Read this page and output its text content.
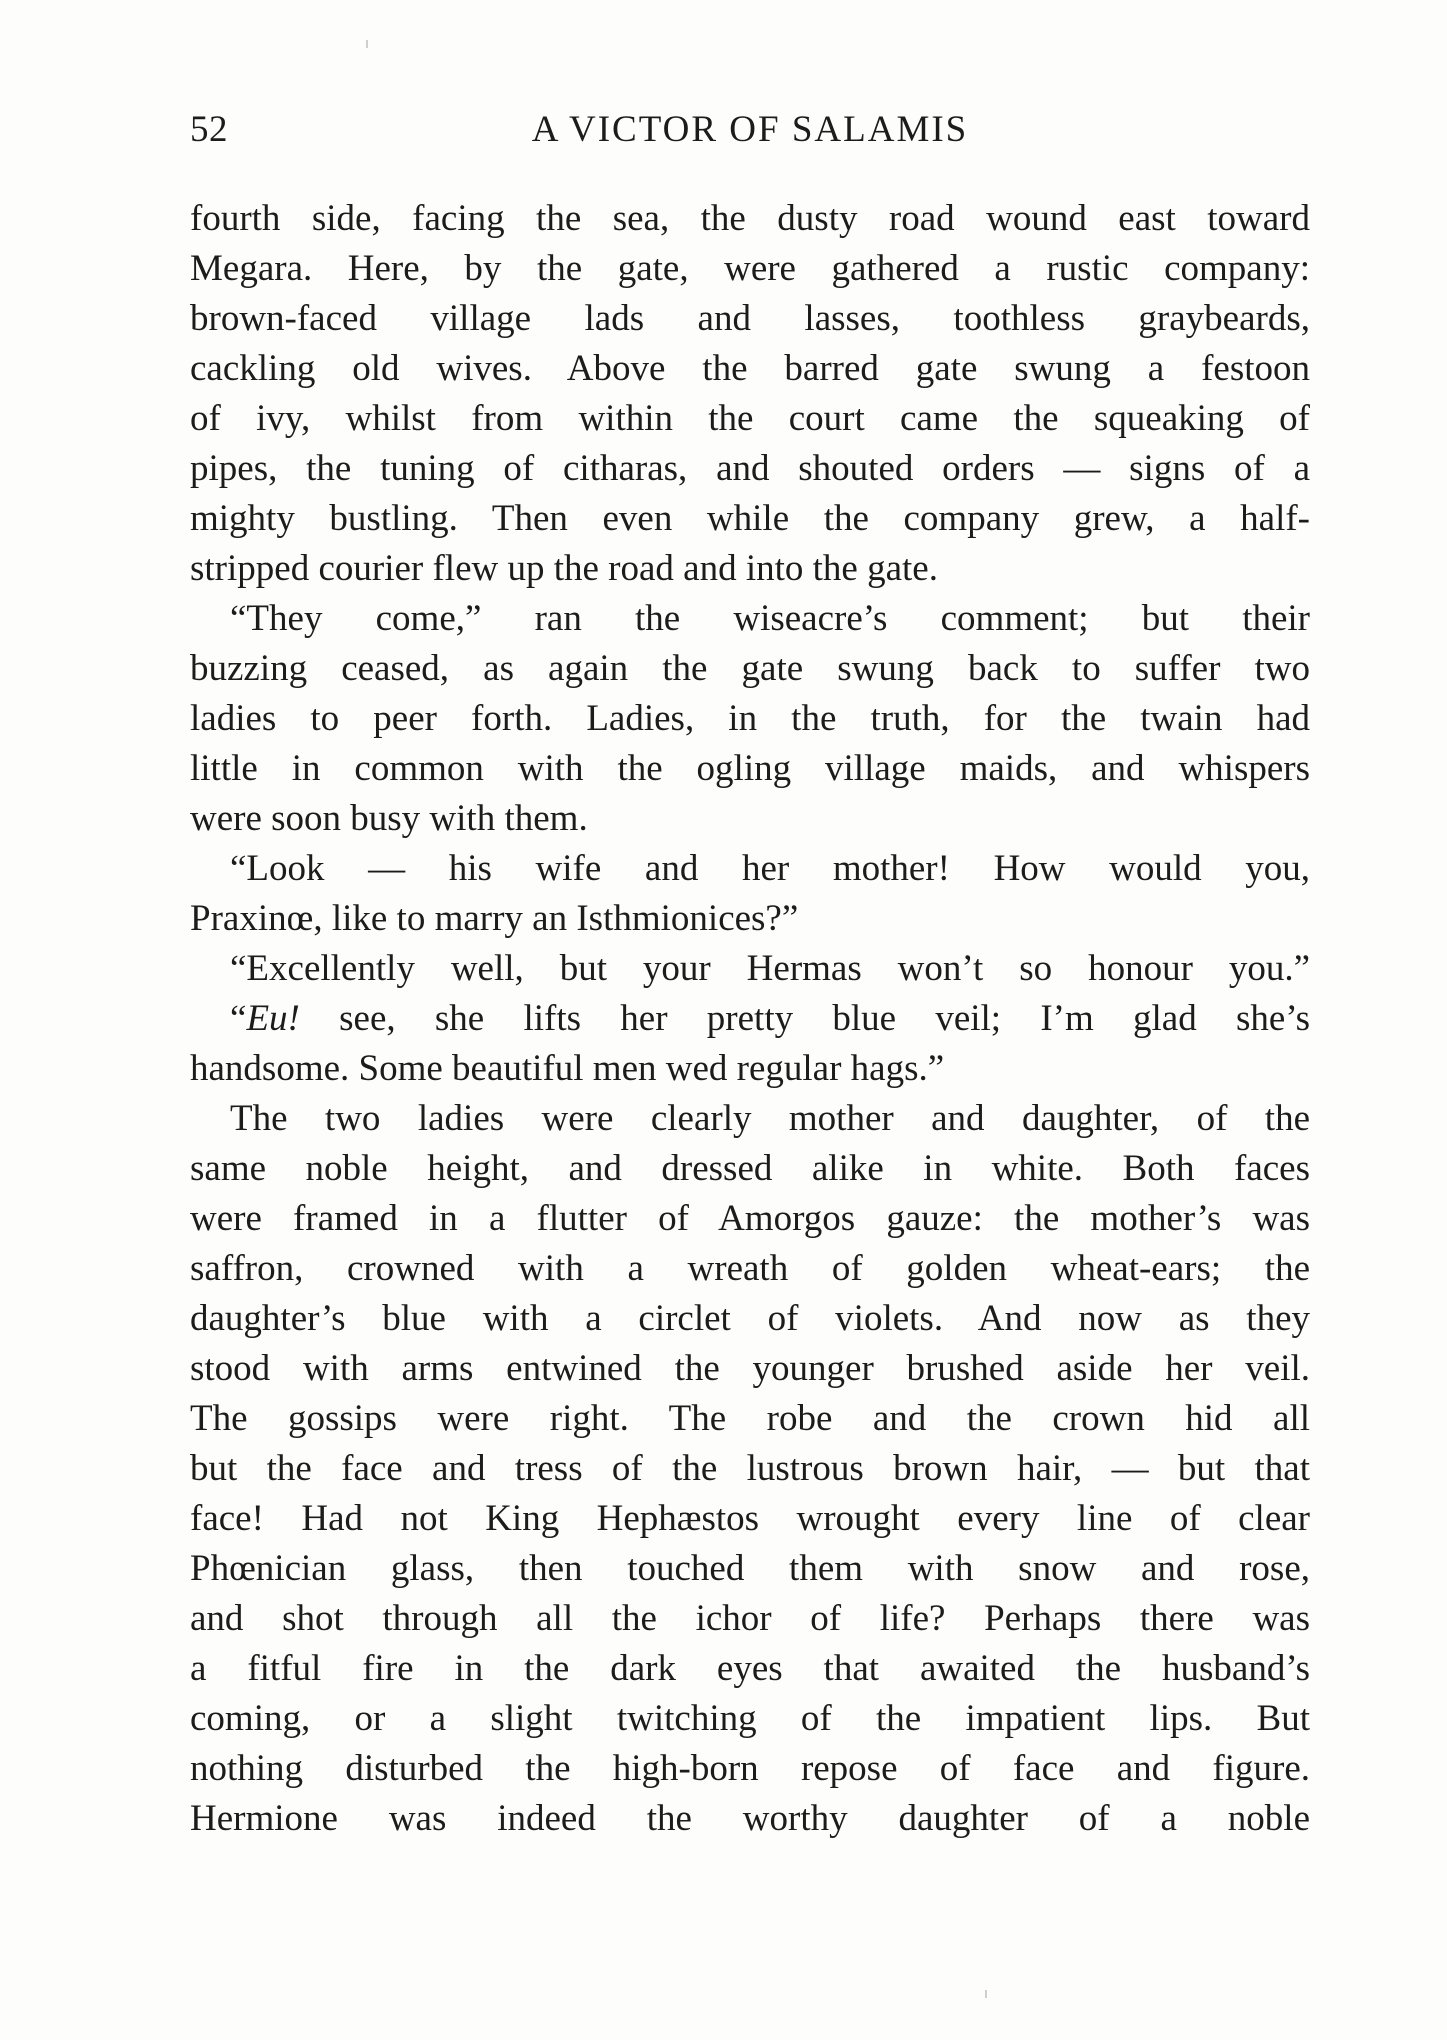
52	A VICTOR OF SALAMIS
fourth side, facing the sea, the dusty road wound east toward
Megara. Here, by the gate, were gathered a rustic company:
brown-faced village lads and lasses, toothless graybeards,
cackling old wives. Above the barred gate swung a festoon
of ivy, whilst from within the court came the squeaking of
pipes, the tuning of citharas, and shouted orders — signs of a
mighty bustling. Then even while the company grew, a half-
stripped courier flew up the road and into the gate.
“They come,” ran the wiseacre’s comment; but their
buzzing ceased, as again the gate swung back to suffer two
ladies to peer forth. Ladies, in the truth, for the twain had
little in common with the ogling village maids, and whispers
were soon busy with them.
“Look — his wife and her mother! How would you,
Praxinœ, like to marry an Isthmionices?”
“Excellently well, but your Hermas won’t so honour you.”
“Eu! see, she lifts her pretty blue veil; I’m glad she’s
handsome. Some beautiful men wed regular hags.”
The two ladies were clearly mother and daughter, of the
same noble height, and dressed alike in white. Both faces
were framed in a flutter of Amorgos gauze: the mother’s was
saffron, crowned with a wreath of golden wheat-ears; the
daughter’s blue with a circlet of violets. And now as they
stood with arms entwined the younger brushed aside her veil.
The gossips were right. The robe and the crown hid all
but the face and tress of the lustrous brown hair, — but that
face! Had not King Hephæstos wrought every line of clear
Phœnician glass, then touched them with snow and rose,
and shot through all the ichor of life? Perhaps there was
a fitful fire in the dark eyes that awaited the husband’s
coming, or a slight twitching of the impatient lips. But
nothing disturbed the high-born repose of face and figure.
Hermione was indeed the worthy daughter of a noble
